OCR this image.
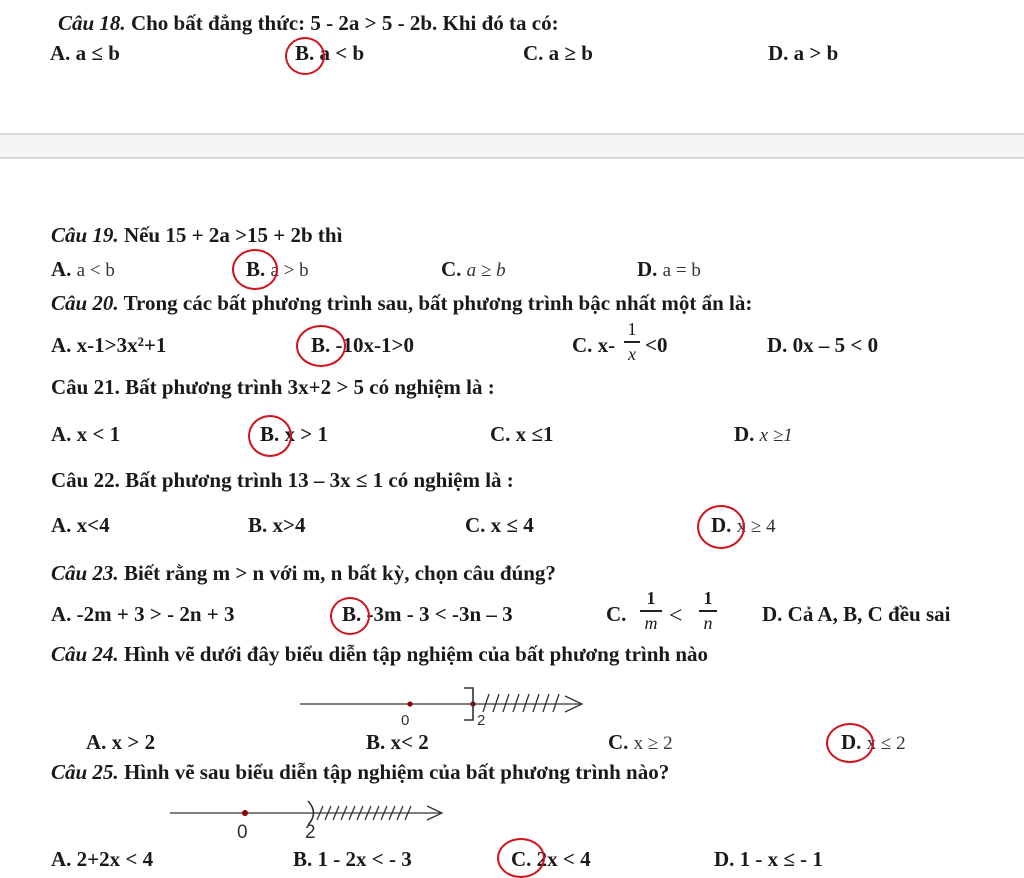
Câu 18. Cho bất đẳng thức: 5 - 2a > 5 - 2b. Khi đó ta có:
A. a ≤ b	B. a < b	C. a ≥ b	D. a > b
Câu 19. Nếu 15 + 2a >15 + 2b thì
A. a < b	B. a > b	C. a ≥ b	D. a = b
Câu 20. Trong các bất phương trình sau, bất phương trình bậc nhất một ẩn là:
A. x-1>3x²+1	B. -10x-1>0	C. x-
1
x <0	D. 0x – 5 < 0
Câu 21. Bất phương trình 3x+2 > 5 có nghiệm là :
A. x < 1	B. x > 1	C. x ≤1	D. x ≥1
Câu 22. Bất phương trình 13 – 3x ≤ 1 có nghiệm là :
A. x<4	B. x>4	C. x ≤ 4	D. x ≥ 4
Câu 23. Biết rằng m > n với m, n bất kỳ, chọn câu đúng?
A. -2m + 3 > - 2n + 3	B. -3m - 3 < -3n – 3	C.
1
m <
1
n D. Cả A, B, C đều sai
Câu 24. Hình vẽ dưới đây biểu diễn tập nghiệm của bất phương trình nào
0	2
A. x > 2	B. x< 2	C. x ≥ 2	D. x ≤ 2
Câu 25. Hình vẽ sau biểu diễn tập nghiệm của bất phương trình nào?
0	2
A. 2+2x < 4	B. 1 - 2x < - 3	C. 2x < 4	D. 1 - x ≤ - 1
